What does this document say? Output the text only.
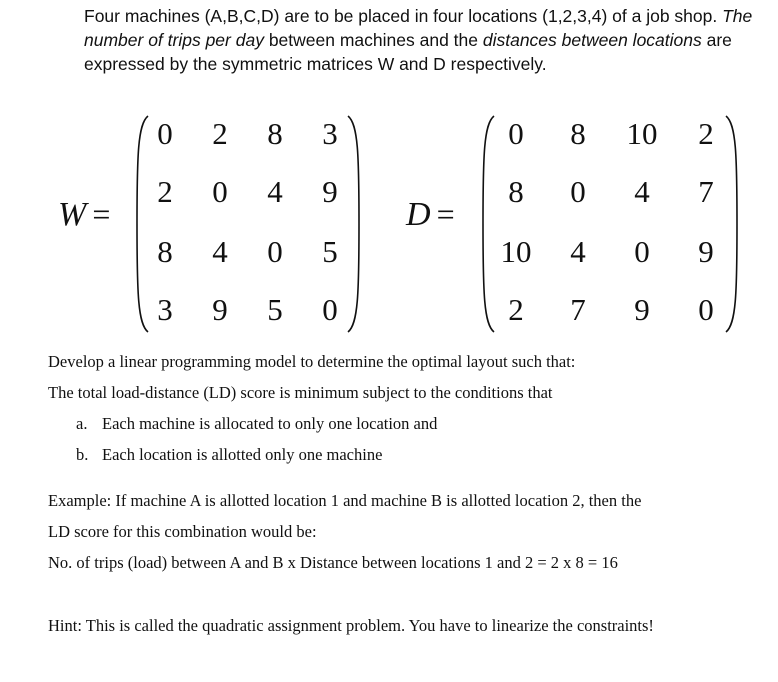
Four machines (A,B,C,D) are to be placed in four locations (1,2,3,4) of a job shop. The number of trips per day between machines and the distances between locations are expressed by the symmetric matrices W and D respectively.

W =
0	2	8	3
2	0	4	9
8	4	0	5
3	9	5	0
D =
0	8	10	2
8	0	4	7
10	4	0	9
2	7	9	0

Develop a linear programming model to determine the optimal layout such that:

The total load-distance (LD) score is minimum subject to the conditions that

a. Each machine is allocated to only one location and

b. Each location is allotted only one machine

Example: If machine A is allotted location 1 and machine B is allotted location 2, then the

LD score for this combination would be:

No. of trips (load) between A and B x Distance between locations 1 and 2 = 2 x 8 = 16

Hint: This is called the quadratic assignment problem. You have to linearize the constraints!
